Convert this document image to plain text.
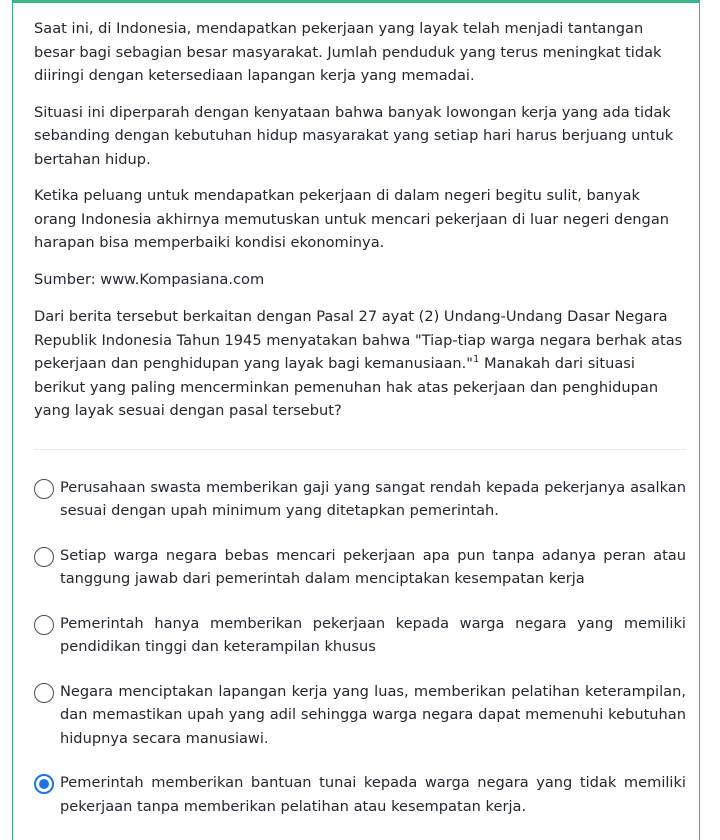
Saat ini, di Indonesia, mendapatkan pekerjaan yang layak telah menjadi tantangan besar bagi sebagian besar masyarakat. Jumlah penduduk yang terus meningkat tidak diiringi dengan ketersediaan lapangan kerja yang memadai.

Situasi ini diperparah dengan kenyataan bahwa banyak lowongan kerja yang ada tidak sebanding dengan kebutuhan hidup masyarakat yang setiap hari harus berjuang untuk bertahan hidup.

Ketika peluang untuk mendapatkan pekerjaan di dalam negeri begitu sulit, banyak orang Indonesia akhirnya memutuskan untuk mencari pekerjaan di luar negeri dengan harapan bisa memperbaiki kondisi ekonominya.

Sumber: www.Kompasiana.com

Dari berita tersebut berkaitan dengan Pasal 27 ayat (2) Undang-Undang Dasar Negara Republik Indonesia Tahun 1945 menyatakan bahwa "Tiap-tiap warga negara berhak atas pekerjaan dan penghidupan yang layak bagi kemanusiaan."$^1$ Manakah dari situasi berikut yang paling mencerminkan pemenuhan hak atas pekerjaan dan penghidupan yang layak sesuai dengan pasal tersebut?

Perusahaan swasta memberikan gaji yang sangat rendah kepada pekerjanya asalkan sesuai dengan upah minimum yang ditetapkan pemerintah.
Setiap warga negara bebas mencari pekerjaan apa pun tanpa adanya peran atau tanggung jawab dari pemerintah dalam menciptakan kesempatan kerja
Pemerintah hanya memberikan pekerjaan kepada warga negara yang memiliki pendidikan tinggi dan keterampilan khusus
Negara menciptakan lapangan kerja yang luas, memberikan pelatihan keterampilan, dan memastikan upah yang adil sehingga warga negara dapat memenuhi kebutuhan hidupnya secara manusiawi.
Pemerintah memberikan bantuan tunai kepada warga negara yang tidak memiliki pekerjaan tanpa memberikan pelatihan atau kesempatan kerja.
